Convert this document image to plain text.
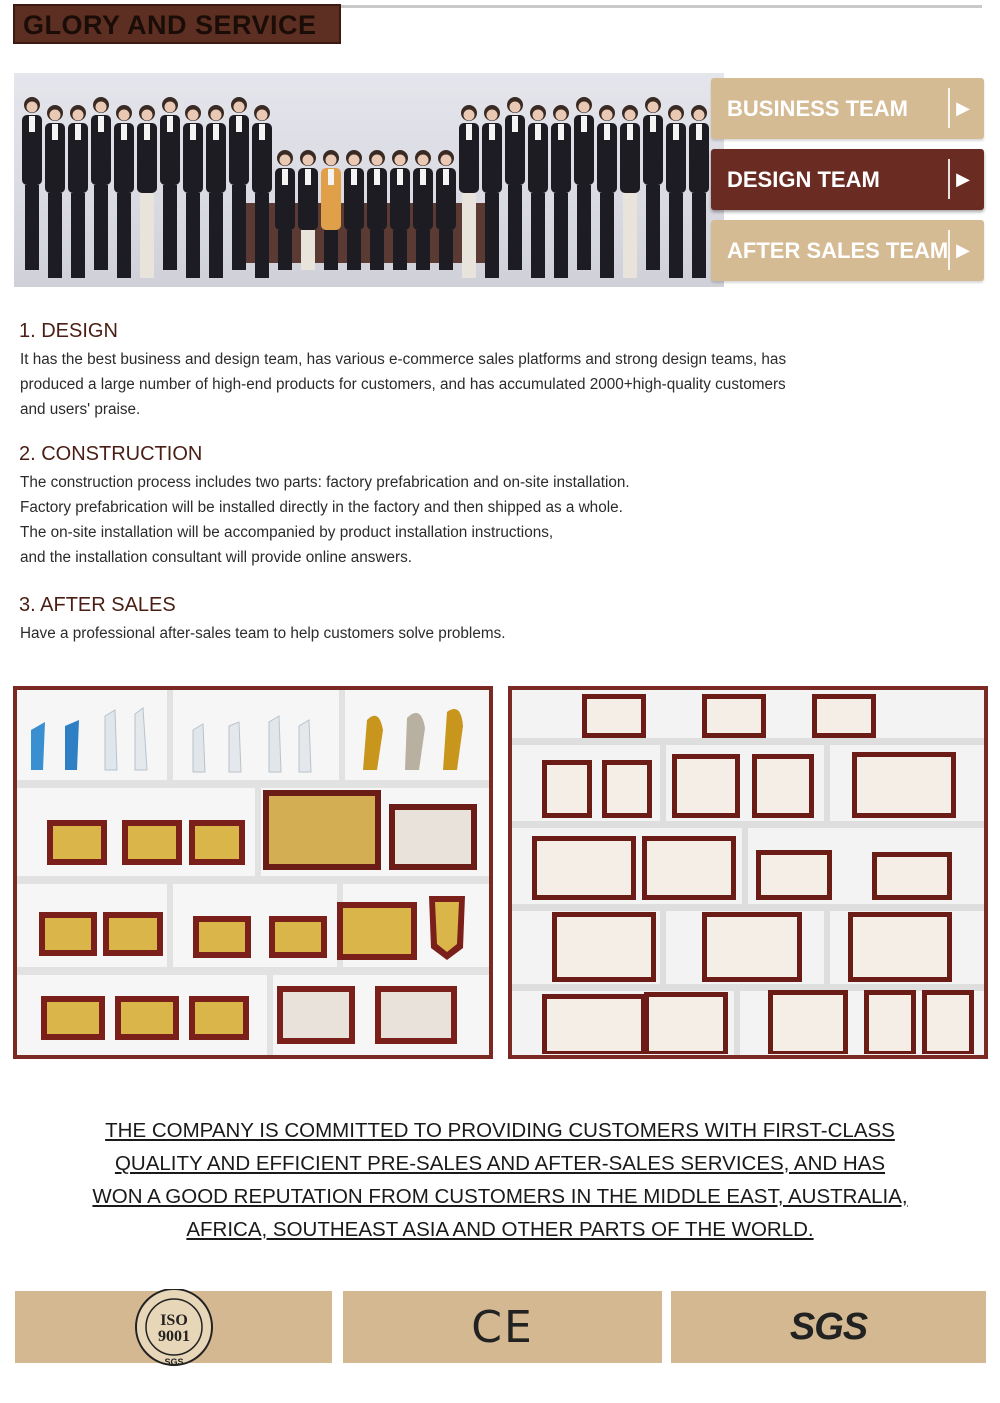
GLORY AND SERVICE
BUSINESS TEAM	▶
DESIGN TEAM	▶
AFTER SALES TEAM ▶
1. DESIGN

It has the best business and design team, has various e-commerce sales platforms and strong design teams, has

produced a large number of high-end products for customers, and has accumulated 2000+high-quality customers

and users' praise.

2. CONSTRUCTION

The construction process includes two parts: factory prefabrication and on-site installation.

Factory prefabrication will be installed directly in the factory and then shipped as a whole.

The on-site installation will be accompanied by product installation instructions,

and the installation consultant will provide online answers.

3. AFTER SALES

Have a professional after-sales team to help customers solve problems.

THE COMPANY IS COMMITTED TO PROVIDING CUSTOMERS WITH FIRST-CLASS
QUALITY AND EFFICIENT PRE-SALES AND AFTER-SALES SERVICES, AND HAS
WON A GOOD REPUTATION FROM CUSTOMERS IN THE MIDDLE EAST, AUSTRALIA,
AFRICA, SOUTHEAST ASIA AND OTHER PARTS OF THE WORLD.
ISO
9001
SGS
CE	SGS
